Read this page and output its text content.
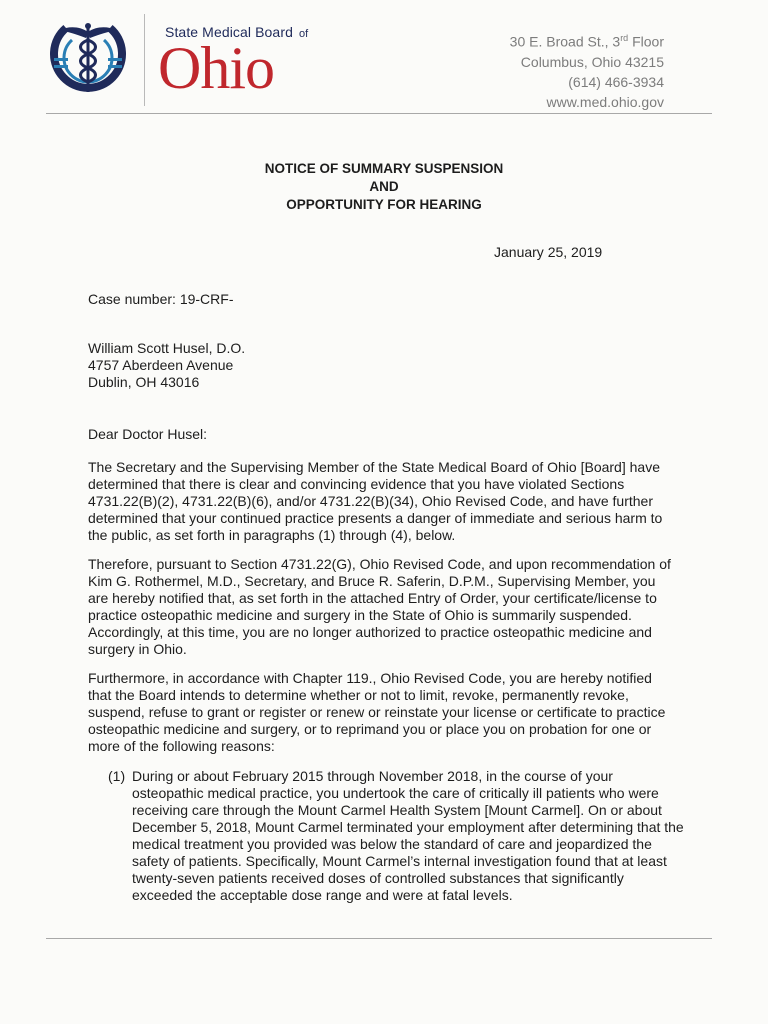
State Medical Board of
Ohio	30 E. Broad St., 3rd Floor
Columbus, Ohio 43215
(614) 466-3934
www.med.ohio.gov
NOTICE OF SUMMARY SUSPENSION
AND
OPPORTUNITY FOR HEARING
January 25, 2019
Case number: 19-CRF-
William Scott Husel, D.O.
4757 Aberdeen Avenue
Dublin, OH 43016
Dear Doctor Husel:

The Secretary and the Supervising Member of the State Medical Board of Ohio [Board] have determined that there is clear and convincing evidence that you have violated Sections 4731.22(B)(2), 4731.22(B)(6), and/or 4731.22(B)(34), Ohio Revised Code, and have further determined that your continued practice presents a danger of immediate and serious harm to the public, as set forth in paragraphs (1) through (4), below.

Therefore, pursuant to Section 4731.22(G), Ohio Revised Code, and upon recommendation of Kim G. Rothermel, M.D., Secretary, and Bruce R. Saferin, D.P.M., Supervising Member, you are hereby notified that, as set forth in the attached Entry of Order, your certificate/license to practice osteopathic medicine and surgery in the State of Ohio is summarily suspended. Accordingly, at this time, you are no longer authorized to practice osteopathic medicine and surgery in Ohio.

Furthermore, in accordance with Chapter 119., Ohio Revised Code, you are hereby notified that the Board intends to determine whether or not to limit, revoke, permanently revoke, suspend, refuse to grant or register or renew or reinstate your license or certificate to practice osteopathic medicine and surgery, or to reprimand you or place you on probation for one or more of the following reasons:

(1) During or about February 2015 through November 2018, in the course of your osteopathic medical practice, you undertook the care of critically ill patients who were receiving care through the Mount Carmel Health System [Mount Carmel]. On or about December 5, 2018, Mount Carmel terminated your employment after determining that the medical treatment you provided was below the standard of care and jeopardized the safety of patients. Specifically, Mount Carmel’s internal investigation found that at least twenty-seven patients received doses of controlled substances that significantly exceeded the acceptable dose range and were at fatal levels.
